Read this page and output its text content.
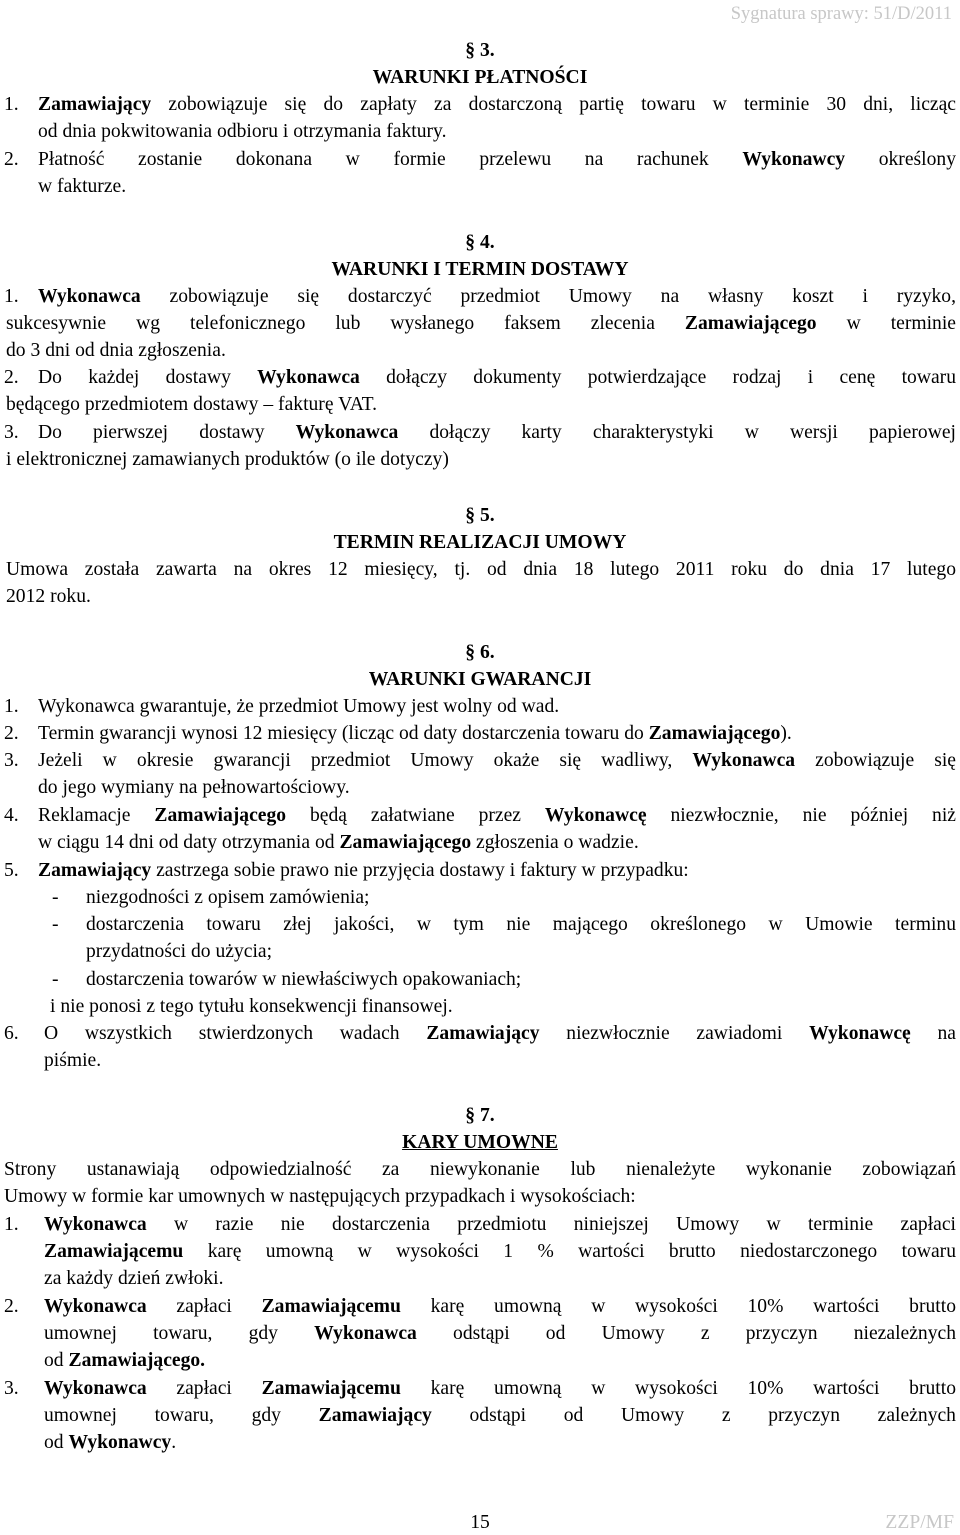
Sygnatura sprawy: 51/D/2011
§ 3.
WARUNKI PŁATNOŚCI
1. Zamawiający zobowiązuje się do zapłaty za dostarczoną partię towaru w terminie 30 dni, licząc
od dnia pokwitowania odbioru i otrzymania faktury.
2. Płatność zostanie dokonana w formie przelewu na rachunek Wykonawcy określony
w fakturze.
§ 4.
WARUNKI I TERMIN DOSTAWY
1. Wykonawca zobowiązuje się dostarczyć przedmiot Umowy na własny koszt i ryzyko,
sukcesywnie wg telefonicznego lub wysłanego faksem zlecenia Zamawiającego w terminie
do 3 dni od dnia zgłoszenia.
2. Do każdej dostawy Wykonawca dołączy dokumenty potwierdzające rodzaj i cenę towaru
będącego przedmiotem dostawy – fakturę VAT.
3. Do pierwszej dostawy Wykonawca dołączy karty charakterystyki w wersji papierowej
i elektronicznej zamawianych produktów (o ile dotyczy)
§ 5.
TERMIN REALIZACJI UMOWY
Umowa została zawarta na okres 12 miesięcy, tj. od dnia 18 lutego 2011 roku do dnia 17 lutego
2012 roku.
§ 6.
WARUNKI GWARANCJI
1. Wykonawca gwarantuje, że przedmiot Umowy jest wolny od wad.
2. Termin gwarancji wynosi 12 miesięcy (licząc od daty dostarczenia towaru do Zamawiającego).
3. Jeżeli w okresie gwarancji przedmiot Umowy okaże się wadliwy, Wykonawca zobowiązuje się
do jego wymiany na pełnowartościowy.
4. Reklamacje Zamawiającego będą załatwiane przez Wykonawcę niezwłocznie, nie później niż
w ciągu 14 dni od daty otrzymania od Zamawiającego zgłoszenia o wadzie.
5. Zamawiający zastrzega sobie prawo nie przyjęcia dostawy i faktury w przypadku:
- niezgodności z opisem zamówienia;
- dostarczenia towaru złej jakości, w tym nie mającego określonego w Umowie terminu
przydatności do użycia;
- dostarczenia towarów w niewłaściwych opakowaniach;
i nie ponosi z tego tytułu konsekwencji finansowej.
6. O wszystkich stwierdzonych wadach Zamawiający niezwłocznie zawiadomi Wykonawcę na
piśmie.
§ 7.
KARY UMOWNE
Strony ustanawiają odpowiedzialność za niewykonanie lub nienależyte wykonanie zobowiązań
Umowy w formie kar umownych w następujących przypadkach i wysokościach:
1. Wykonawca w razie nie dostarczenia przedmiotu niniejszej Umowy w terminie zapłaci
Zamawiającemu karę umowną w wysokości 1 % wartości brutto niedostarczonego towaru
za każdy dzień zwłoki.
2. Wykonawca zapłaci Zamawiającemu karę umowną w wysokości 10% wartości brutto
umownej towaru, gdy Wykonawca odstąpi od Umowy z przyczyn niezależnych
od Zamawiającego.
3. Wykonawca zapłaci Zamawiającemu karę umowną w wysokości 10% wartości brutto
umownej towaru, gdy Zamawiający odstąpi od Umowy z przyczyn zależnych
od Wykonawcy.
15	ZZP/MF
